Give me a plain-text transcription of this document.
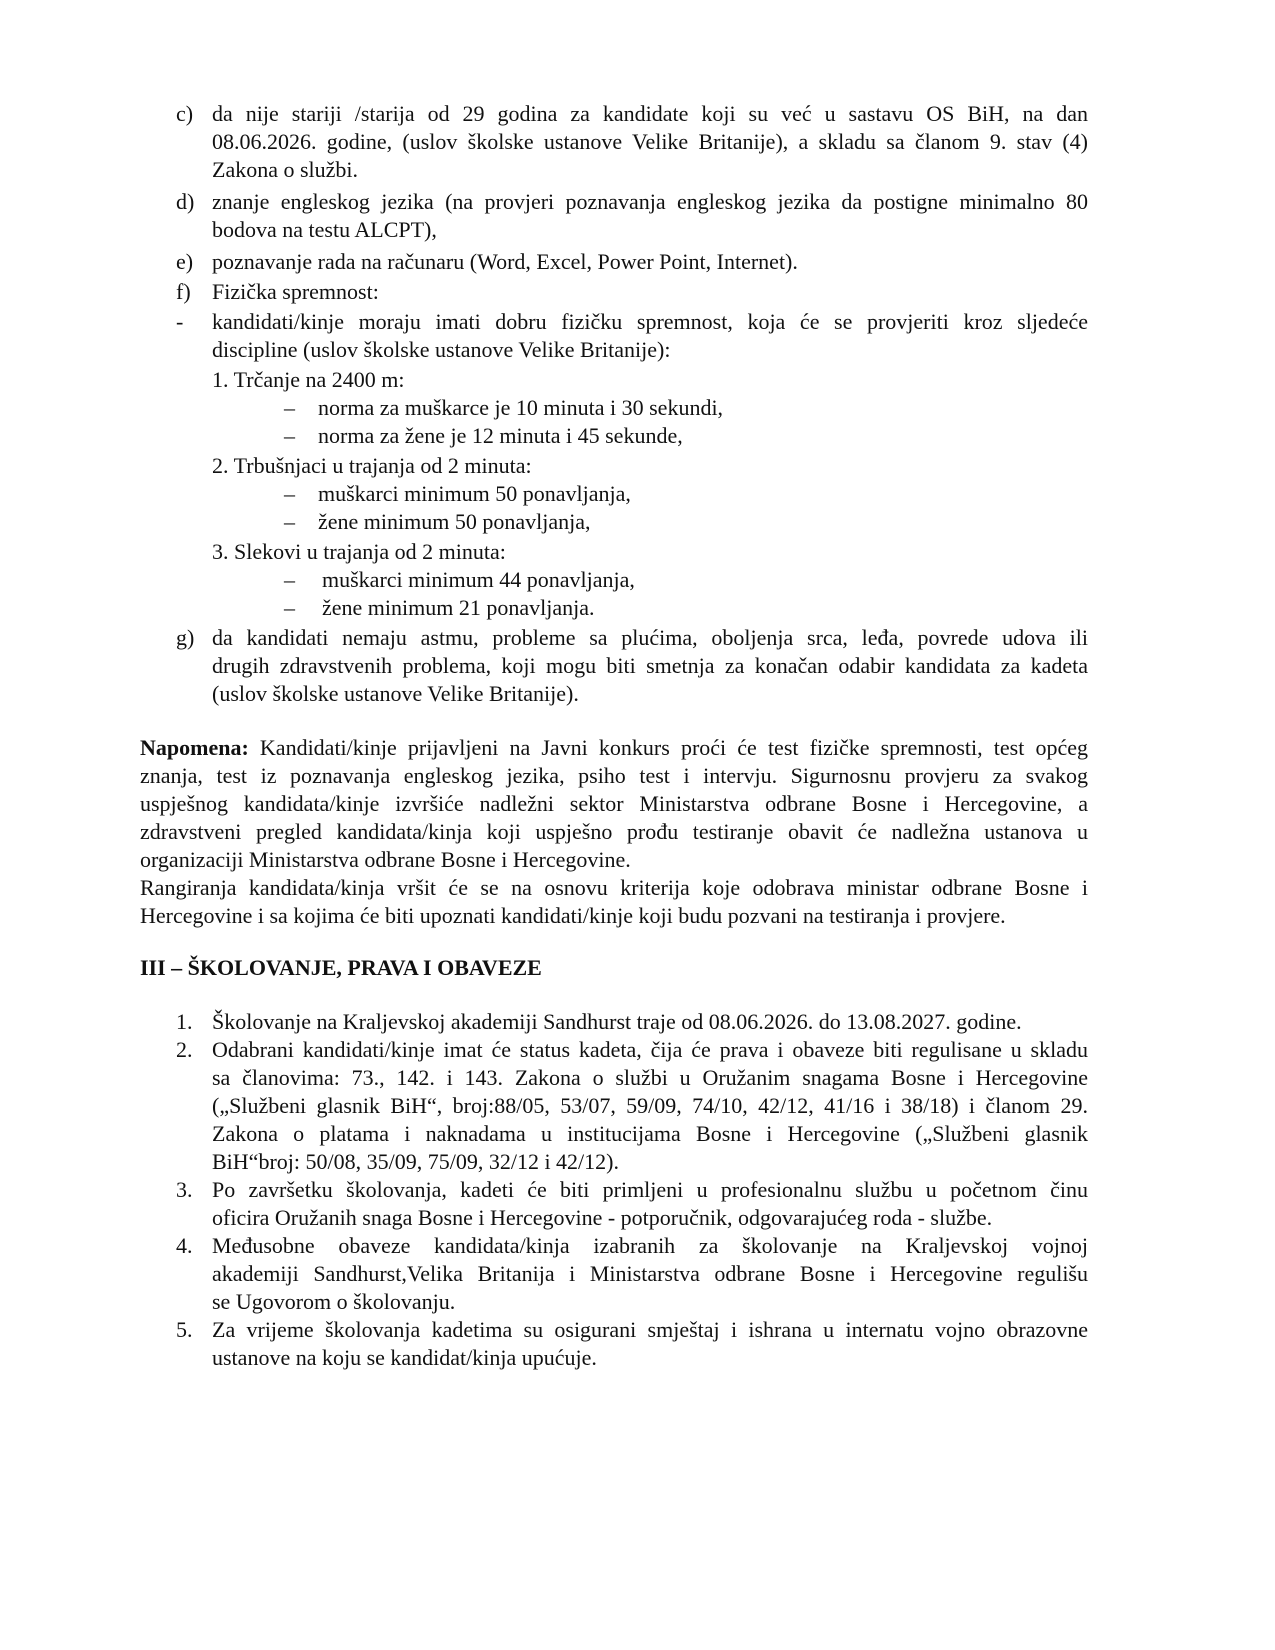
c) da nije stariji /starija od 29 godina za kandidate koji su već u sastavu OS BiH, na dan
08.06.2026. godine, (uslov školske ustanove Velike Britanije), a skladu sa članom 9. stav (4)
Zakona o službi.
d) znanje engleskog jezika (na provjeri poznavanja engleskog jezika da postigne minimalno 80
bodova na testu ALCPT),
e) poznavanje rada na računaru (Word, Excel, Power Point, Internet).
f) Fizička spremnost:
- kandidati/kinje moraju imati dobru fizičku spremnost, koja će se provjeriti kroz sljedeće
discipline (uslov školske ustanove Velike Britanije):
1. Trčanje na 2400 m:
– norma za muškarce je 10 minuta i 30 sekundi,
– norma za žene je 12 minuta i 45 sekunde,
2. Trbušnjaci u trajanja od 2 minuta:
– muškarci minimum 50 ponavljanja,
– žene minimum 50 ponavljanja,
3. Slekovi u trajanja od 2 minuta:
– muškarci minimum 44 ponavljanja,
– žene minimum 21 ponavljanja.
g) da kandidati nemaju astmu, probleme sa plućima, oboljenja srca, leđa, povrede udova ili
drugih zdravstvenih problema, koji mogu biti smetnja za konačan odabir kandidata za kadeta
(uslov školske ustanove Velike Britanije).
Napomena: Kandidati/kinje prijavljeni na Javni konkurs proći će test fizičke spremnosti, test općeg
znanja, test iz poznavanja engleskog jezika, psiho test i intervju. Sigurnosnu provjeru za svakog
uspješnog kandidata/kinje izvršiće nadležni sektor Ministarstva odbrane Bosne i Hercegovine, a
zdravstveni pregled kandidata/kinja koji uspješno prođu testiranje obavit će nadležna ustanova u
organizaciji Ministarstva odbrane Bosne i Hercegovine.
Rangiranja kandidata/kinja vršit će se na osnovu kriterija koje odobrava ministar odbrane Bosne i
Hercegovine i sa kojima će biti upoznati kandidati/kinje koji budu pozvani na testiranja i provjere.
III – ŠKOLOVANJE, PRAVA I OBAVEZE
1. Školovanje na Kraljevskoj akademiji Sandhurst traje od 08.06.2026. do 13.08.2027. godine.
2. Odabrani kandidati/kinje imat će status kadeta, čija će prava i obaveze biti regulisane u skladu
sa članovima: 73., 142. i 143. Zakona o službi u Oružanim snagama Bosne i Hercegovine
(„Službeni glasnik BiH“, broj:88/05, 53/07, 59/09, 74/10, 42/12, 41/16 i 38/18) i članom 29.
Zakona o platama i naknadama u institucijama Bosne i Hercegovine („Službeni glasnik
BiH“broj: 50/08, 35/09, 75/09, 32/12 i 42/12).
3. Po završetku školovanja, kadeti će biti primljeni u profesionalnu službu u početnom činu
oficira Oružanih snaga Bosne i Hercegovine - potporučnik, odgovarajućeg roda - službe.
4. Međusobne obaveze kandidata/kinja izabranih za školovanje na Kraljevskoj vojnoj
akademiji Sandhurst,Velika Britanija i Ministarstva odbrane Bosne i Hercegovine regulišu
se Ugovorom o školovanju.
5. Za vrijeme školovanja kadetima su osigurani smještaj i ishrana u internatu vojno obrazovne
ustanove na koju se kandidat/kinja upućuje.
